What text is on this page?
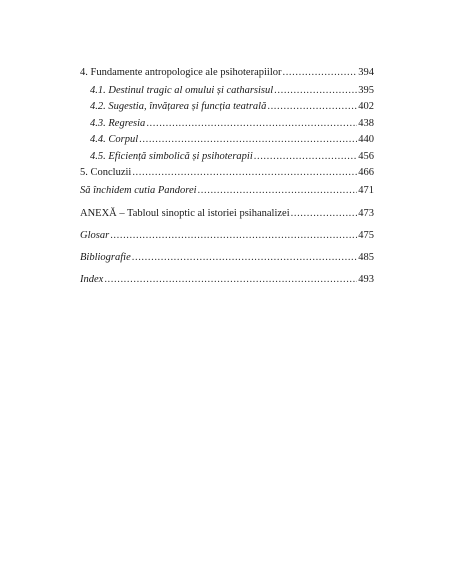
4. Fundamente antropologice ale psihoterapiilor .....	394
4.1. Destinul tragic al omului și catharsisul .....	395
4.2. Sugestia, învățarea și funcția teatrală .....	402
4.3. Regresia .....	438
4.4. Corpul .....	440
4.5. Eficiență simbolică și psihoterapii .....	456
5. Concluzii .....	466
Să închidem cutia Pandorei .....	471
ANEXĂ – Tabloul sinoptic al istoriei psihanalizei .....	473
Glosar .....	475
Bibliografie .....	485
Index .....	493
